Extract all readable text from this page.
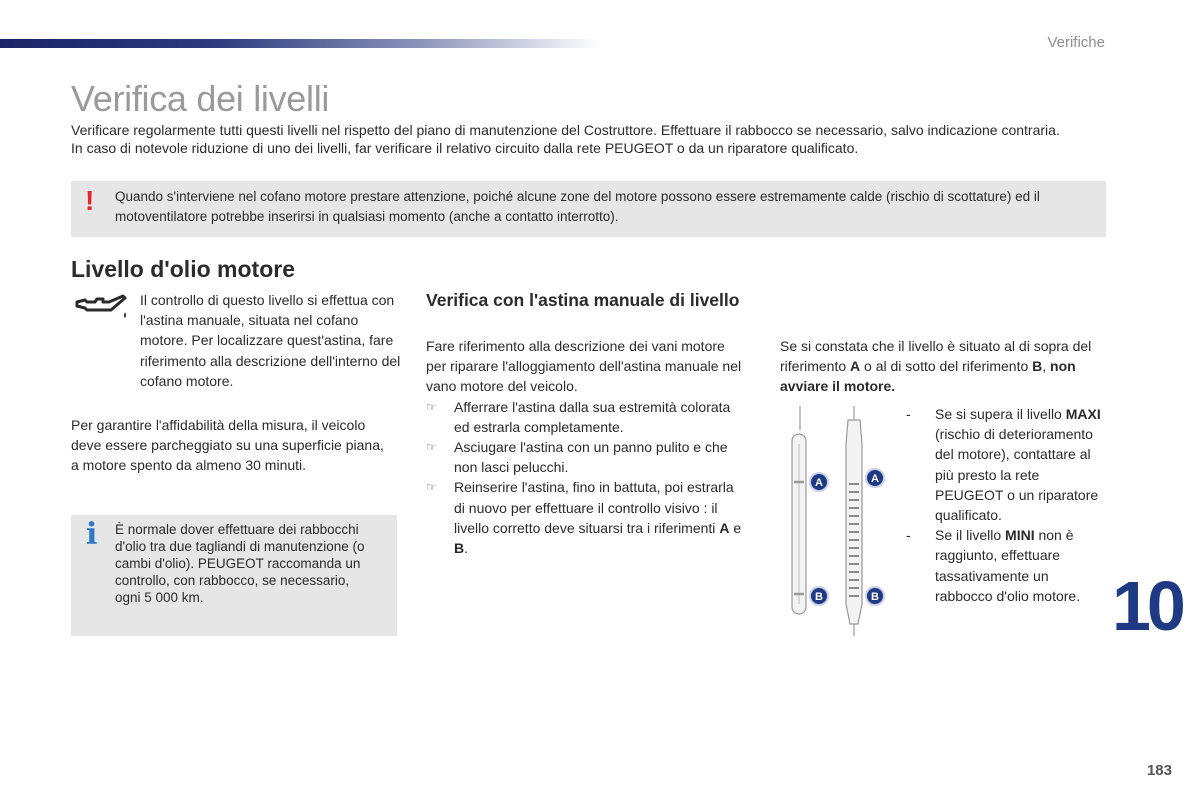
Verifiche
Verifica dei livelli

Verificare regolarmente tutti questi livelli nel rispetto del piano di manutenzione del Costruttore. Effettuare il rabbocco se necessario, salvo indicazione contraria.

In caso di notevole riduzione di uno dei livelli, far verificare il relativo circuito dalla rete PEUGEOT o da un riparatore qualificato.

! Quando s'interviene nel cofano motore prestare attenzione, poiché alcune zone del motore possono essere estremamente calde (rischio di scottature) ed il motoventilatore potrebbe inserirsi in qualsiasi momento (anche a contatto interrotto).
Livello d'olio motore
Il controllo di questo livello si effettua con l'astina manuale, situata nel cofano motore. Per localizzare quest'astina, fare riferimento alla descrizione dell'interno del cofano motore.
Per garantire l'affidabilità della misura, il veicolo deve essere parcheggiato su una superficie piana, a motore spento da almeno 30 minuti.
i È normale dover effettuare dei rabbocchi d'olio tra due tagliandi di manutenzione (o cambi d'olio). PEUGEOT raccomanda un controllo, con rabbocco, se necessario, ogni 5 000 km.
Verifica con l'astina manuale di livello

Fare riferimento alla descrizione dei vani motore per riparare l'alloggiamento dell'astina manuale nel vano motore del veicolo.

☞ Afferrare l'astina dalla sua estremità colorata ed estrarla completamente.
☞ Asciugare l'astina con un panno pulito e che non lasci pelucchi.
☞ Reinserire l'astina, fino in battuta, poi estrarla di nuovo per effettuare il controllo visivo : il livello corretto deve situarsi tra i riferimenti A e B.

Se si constata che il livello è situato al di sopra del riferimento A o al di sotto del riferimento B, non avviare il motore.

A	A
B	B
- Se si supera il livello MAXI (rischio di deterioramento del motore), contattare al più presto la rete PEUGEOT o un riparatore qualificato.
- Se il livello MINI non è raggiunto, effettuare tassativamente un rabbocco d'olio motore. 10
183
